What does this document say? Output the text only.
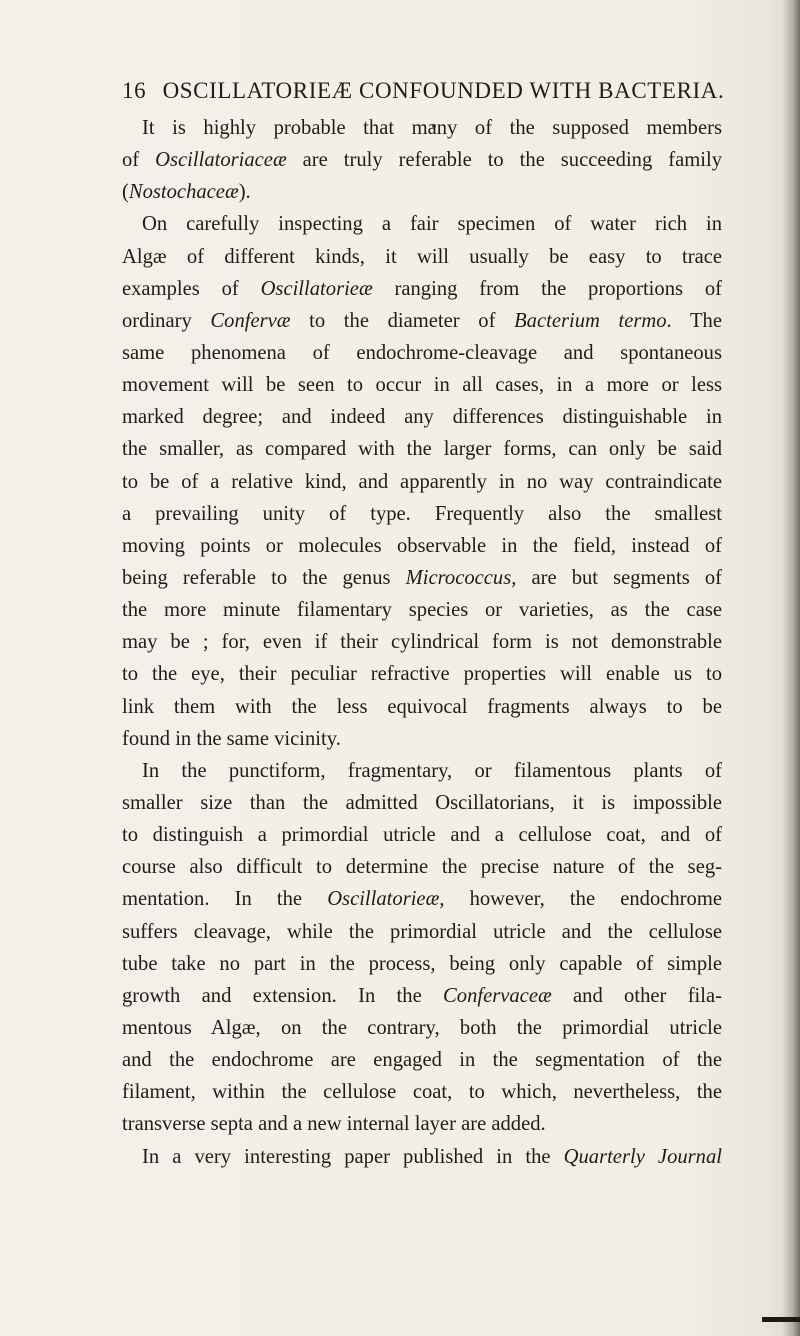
16 OSCILLATORIEÆ CONFOUNDED WITH BACTERIA.
It is highly probable that many of the supposed members
of Oscillatoriaceæ are truly referable to the succeeding family
(Nostochaceæ).
On carefully inspecting a fair specimen of water rich in
Algæ of different kinds, it will usually be easy to trace
examples of Oscillatorieæ ranging from the proportions of
ordinary Confervæ to the diameter of Bacterium termo. The
same phenomena of endochrome-cleavage and spontaneous
movement will be seen to occur in all cases, in a more or less
marked degree; and indeed any differences distinguishable in
the smaller, as compared with the larger forms, can only be said
to be of a relative kind, and apparently in no way contraindicate
a prevailing unity of type. Frequently also the smallest
moving points or molecules observable in the field, instead of
being referable to the genus Micrococcus, are but segments of
the more minute filamentary species or varieties, as the case
may be ; for, even if their cylindrical form is not demonstrable
to the eye, their peculiar refractive properties will enable us to
link them with the less equivocal fragments always to be
found in the same vicinity.
In the punctiform, fragmentary, or filamentous plants of
smaller size than the admitted Oscillatorians, it is impossible
to distinguish a primordial utricle and a cellulose coat, and of
course also difficult to determine the precise nature of the seg-
mentation. In the Oscillatorieæ, however, the endochrome
suffers cleavage, while the primordial utricle and the cellulose
tube take no part in the process, being only capable of simple
growth and extension. In the Confervaceæ and other fila-
mentous Algæ, on the contrary, both the primordial utricle
and the endochrome are engaged in the segmentation of the
filament, within the cellulose coat, to which, nevertheless, the
transverse septa and a new internal layer are added.
In a very interesting paper published in the Quarterly Journal
